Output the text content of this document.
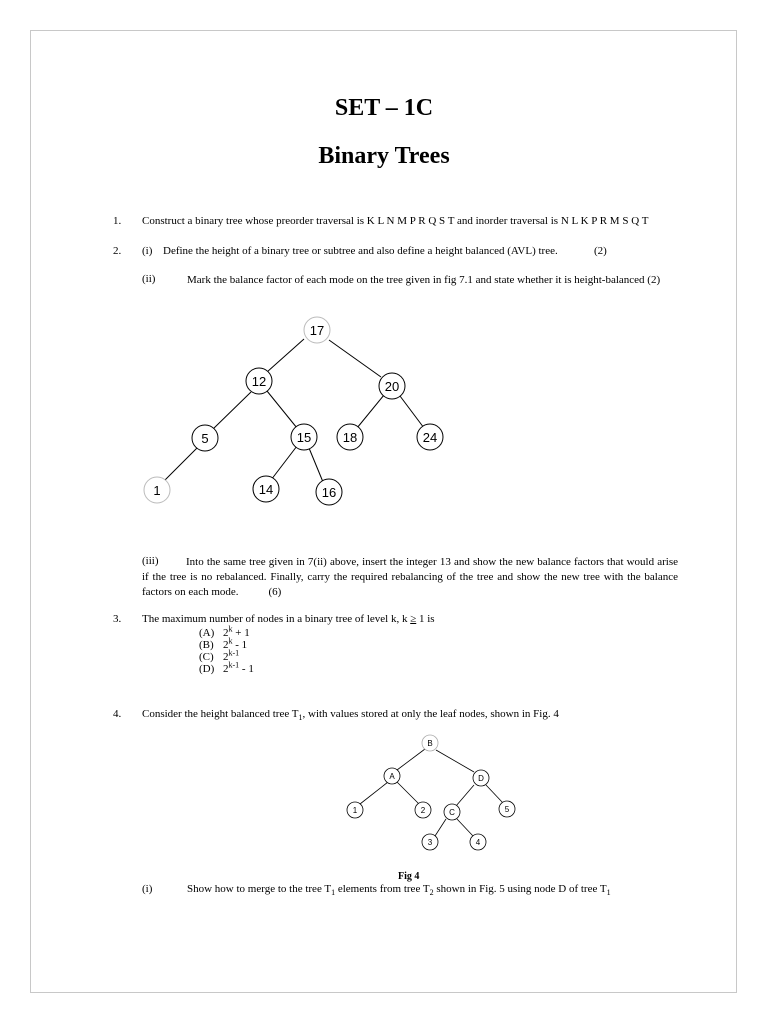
SET – 1C
Binary Trees
1. Construct a binary tree whose preorder traversal is K L N M P R Q S T and inorder traversal is N L K P R M S Q T
2. (i) Define the height of a binary tree or subtree and also define a height balanced (AVL) tree.	(2)
(ii)	Mark the balance factor of each mode on the tree given in fig 7.1 and state whether it is height-balanced (2)
17
12	20
5	15 18	24
1	14	16
B
A	D
1	2	C	5
3	4
(iii)	Into the same tree given in 7(ii) above, insert the integer 13 and show the new balance factors that would arise if the tree is no rebalanced. Finally, carry the required rebalancing of the tree and show the new tree with the balance factors on each mode.	(6)
3. The maximum number of nodes in a binary tree of level k, k ≥ 1 is
(A) $2^k + 1$
(B) 2$^k$ - 1
(C) 2$^{k-1}$
(D) 2$^{k-1}$ - 1
4. Consider the height balanced tree $T_1$, with values stored at only the leaf nodes, shown in Fig. 4
Fig 4
(i)	Show how to merge to the tree $T_1$ elements from tree $T_2$ shown in Fig. 5 using node D of tree $T_1$
